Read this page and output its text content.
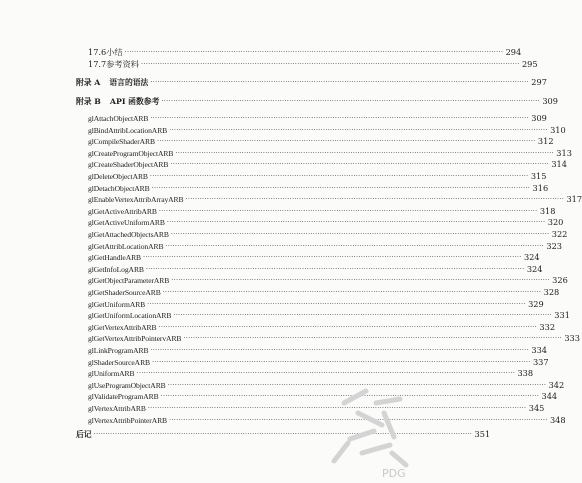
17.6 小结 ································································································································································ 294
17.7 参考资料 ································································································································································ 295
附录 A 语言的语法 ································································································································································ 297
附录 B API 函数参考 ································································································································································ 309
glAttachObjectARB ································································································································································ 309
glBindAttribLocationARB ································································································································································ 310
glCompileShaderARB ································································································································································ 312
glCreateProgramObjectARB ································································································································································ 313
glCreateShaderObjectARB ································································································································································ 314
glDeleteObjectARB ································································································································································ 315
glDetachObjectARB ································································································································································ 316
glEnableVertexAttribArrayARB ································································································································································ 317
glGetActiveAttribARB ································································································································································ 318
glGetActiveUniformARB ································································································································································ 320
glGetAttachedObjectsARB ································································································································································ 322
glGetAttribLocationARB ································································································································································ 323
glGetHandleARB ································································································································································ 324
glGetInfoLogARB ································································································································································ 324
glGetObjectParameterARB ································································································································································ 326
glGetShaderSourceARB ································································································································································ 328
glGetUniformARB ································································································································································ 329
glGetUniformLocationARB ································································································································································ 331
glGetVertexAttribARB ································································································································································ 332
glGetVertexAttribPointervARB ································································································································································ 333
glLinkProgramARB ································································································································································ 334
glShaderSourceARB ································································································································································ 337
glUniformARB ································································································································································ 338
glUseProgramObjectARB ································································································································································ 342
glValidateProgramARB ································································································································································ 344
glVertexAttribARB ································································································································································ 345
glVertexAttribPointerARB ································································································································································ 348
后记 ································································································································································ 351
PDG
